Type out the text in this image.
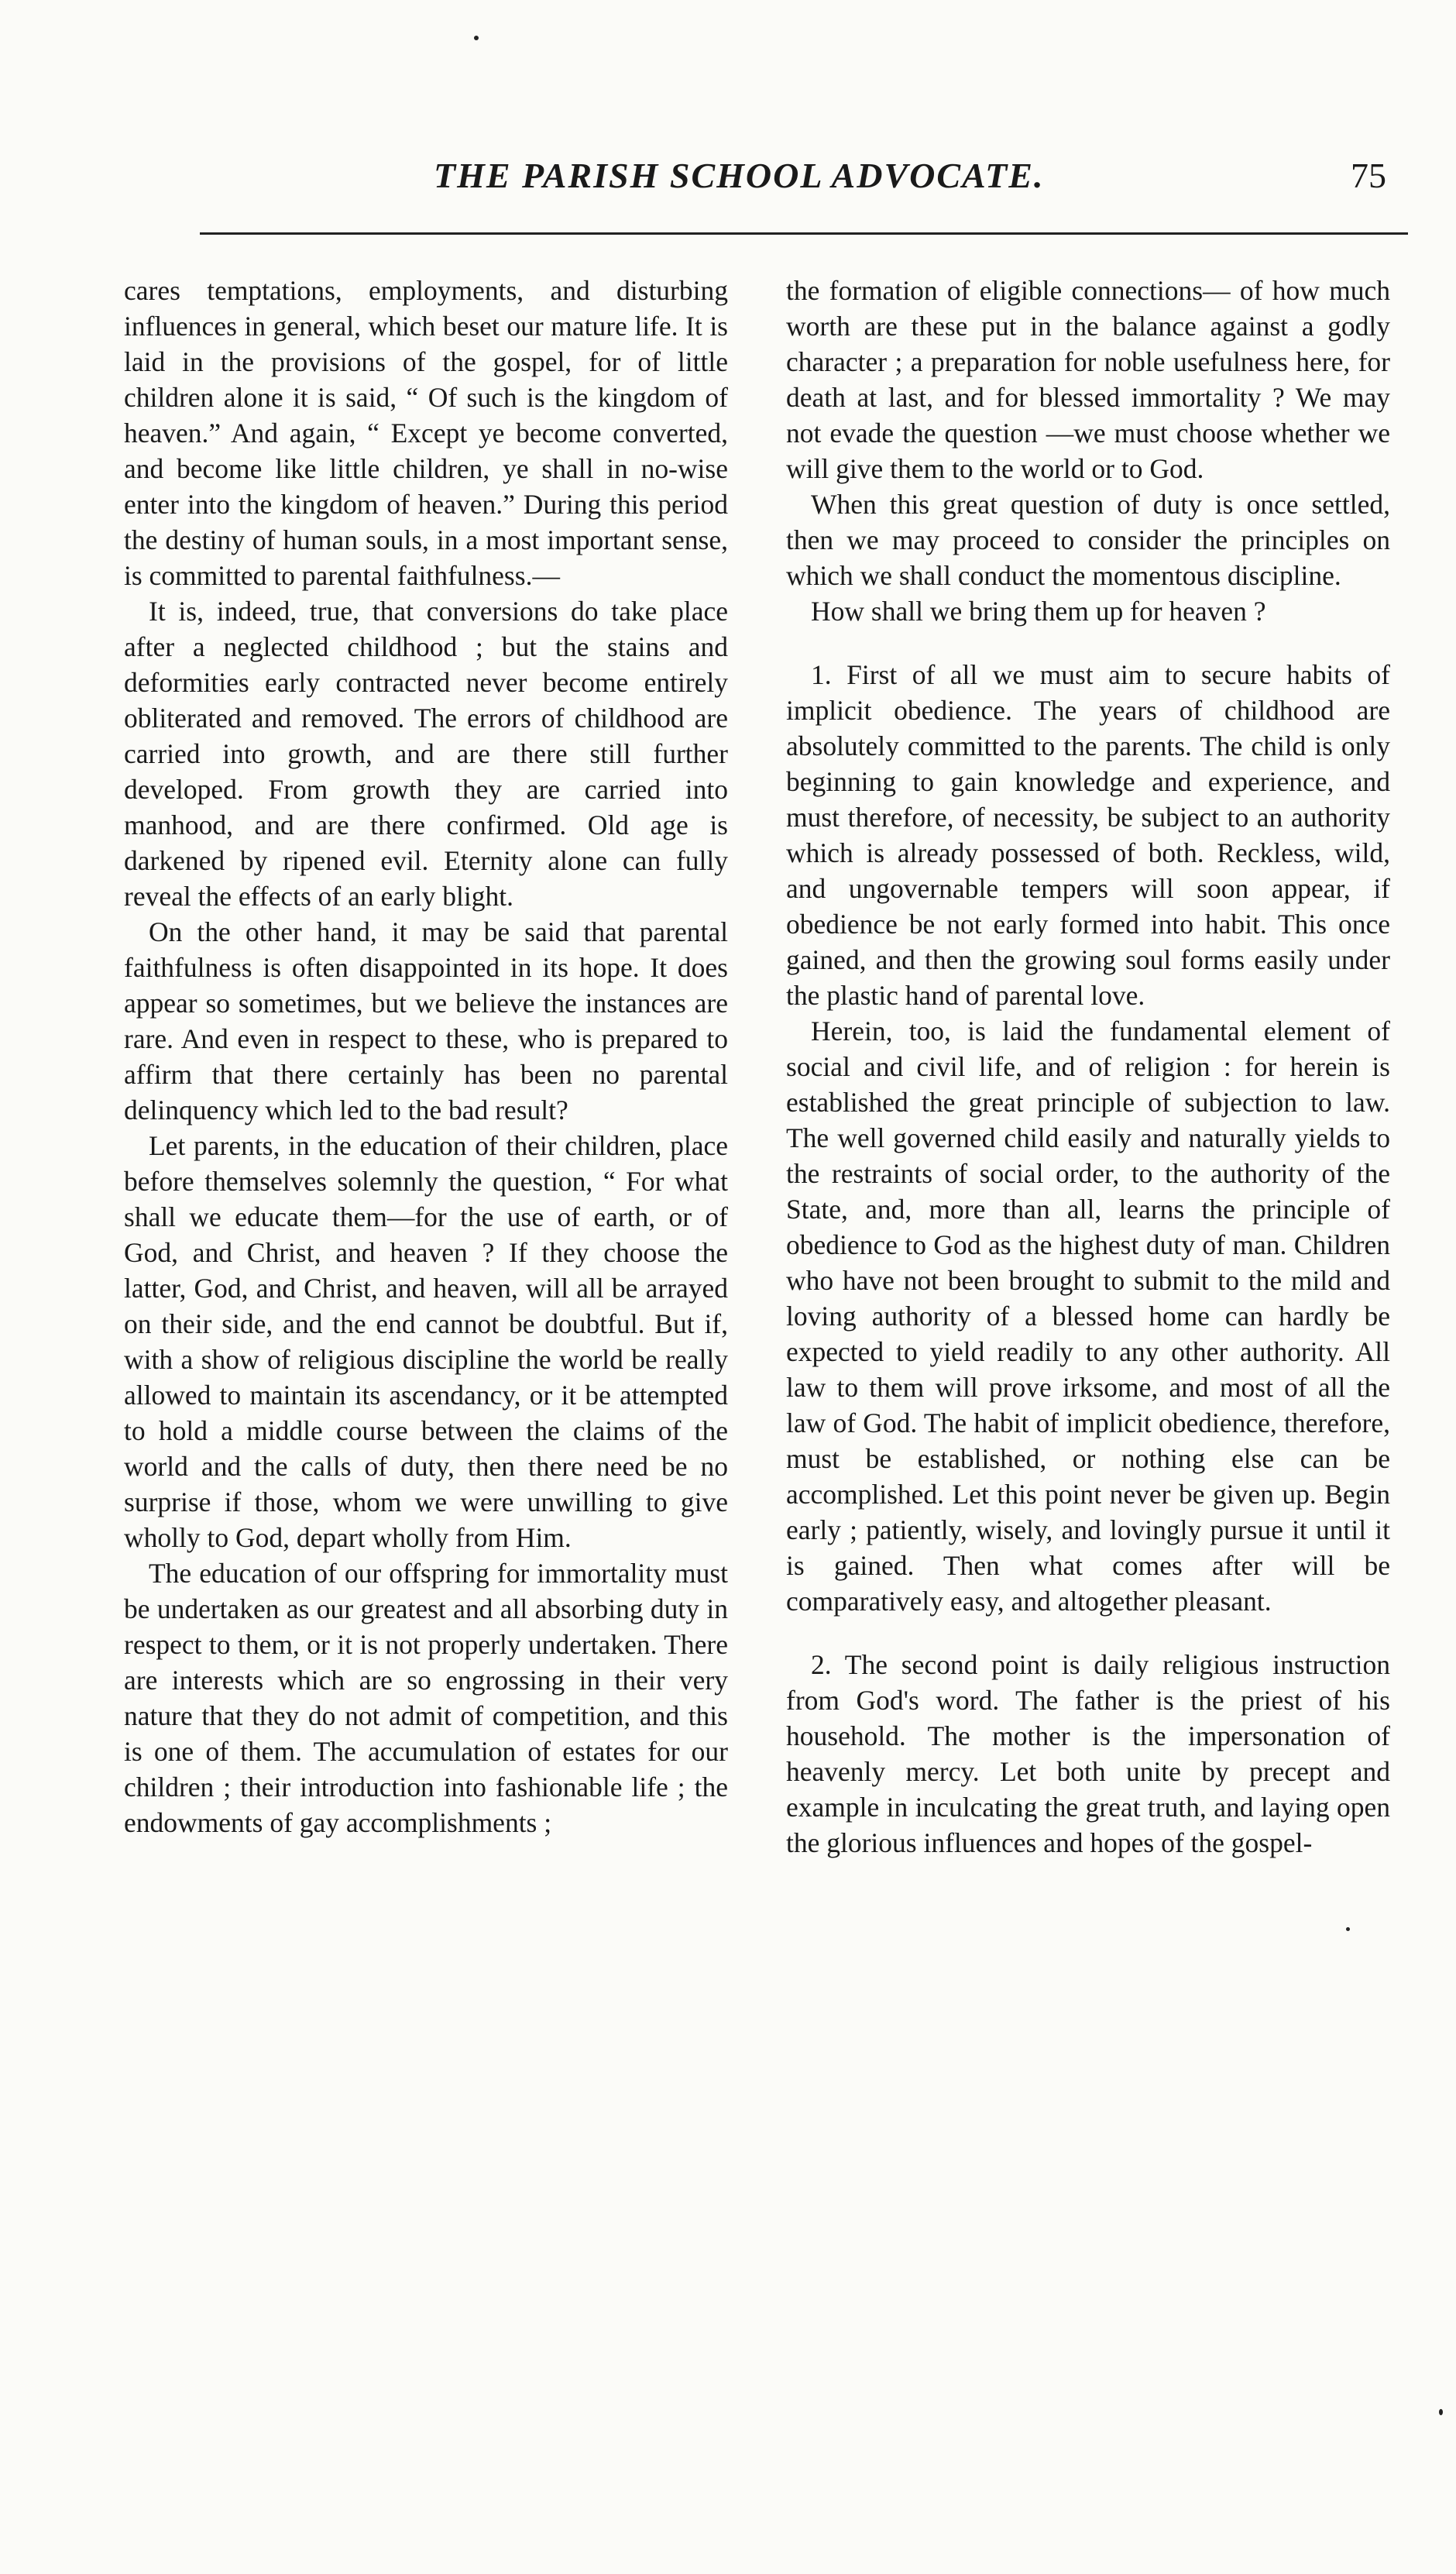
THE PARISH SCHOOL ADVOCATE.	75

cares temptations, employments, and disturbing influences in general, which beset our mature life. It is laid in the provisions of the gospel, for of little children alone it is said, “ Of such is the kingdom of heaven.” And again, “ Except ye become converted, and become like little children, ye shall in no-wise enter into the kingdom of heaven.” During this period the destiny of human souls, in a most important sense, is committed to parental faithfulness.—

It is, indeed, true, that conversions do take place after a neglected childhood ; but the stains and deformities early contracted never become entirely obliterated and removed. The errors of childhood are carried into growth, and are there still further developed. From growth they are carried into manhood, and are there confirmed. Old age is darkened by ripened evil. Eternity alone can fully reveal the effects of an early blight.

On the other hand, it may be said that parental faithfulness is often disappointed in its hope. It does appear so sometimes, but we believe the instances are rare. And even in respect to these, who is prepared to affirm that there certainly has been no parental delinquency which led to the bad result?

Let parents, in the education of their children, place before themselves solemnly the question, “ For what shall we educate them—for the use of earth, or of God, and Christ, and heaven ? If they choose the latter, God, and Christ, and heaven, will all be arrayed on their side, and the end cannot be doubtful. But if, with a show of religious discipline the world be really allowed to maintain its ascendancy, or it be attempted to hold a middle course between the claims of the world and the calls of duty, then there need be no surprise if those, whom we were unwilling to give wholly to God, depart wholly from Him.

The education of our offspring for immortality must be undertaken as our greatest and all absorbing duty in respect to them, or it is not properly undertaken. There are interests which are so engrossing in their very nature that they do not admit of competition, and this is one of them. The accumulation of estates for our children ; their introduction into fashionable life ; the endowments of gay accomplishments ;

the formation of eligible connections— of how much worth are these put in the balance against a godly character ; a preparation for noble usefulness here, for death at last, and for blessed immortality ? We may not evade the question —we must choose whether we will give them to the world or to God.

When this great question of duty is once settled, then we may proceed to consider the principles on which we shall conduct the momentous discipline.

How shall we bring them up for heaven ?

1. First of all we must aim to secure habits of implicit obedience. The years of childhood are absolutely committed to the parents. The child is only beginning to gain knowledge and experience, and must therefore, of necessity, be subject to an authority which is already possessed of both. Reckless, wild, and ungovernable tempers will soon appear, if obedience be not early formed into habit. This once gained, and then the growing soul forms easily under the plastic hand of parental love.

Herein, too, is laid the fundamental element of social and civil life, and of religion : for herein is established the great principle of subjection to law. The well governed child easily and naturally yields to the restraints of social order, to the authority of the State, and, more than all, learns the principle of obedience to God as the highest duty of man. Children who have not been brought to submit to the mild and loving authority of a blessed home can hardly be expected to yield readily to any other authority. All law to them will prove irksome, and most of all the law of God. The habit of implicit obedience, therefore, must be established, or nothing else can be accomplished. Let this point never be given up. Begin early ; patiently, wisely, and lovingly pursue it until it is gained. Then what comes after will be comparatively easy, and altogether pleasant.

2. The second point is daily religious instruction from God's word. The father is the priest of his household. The mother is the impersonation of heavenly mercy. Let both unite by precept and example in inculcating the great truth, and laying open the glorious influences and hopes of the gospel-
